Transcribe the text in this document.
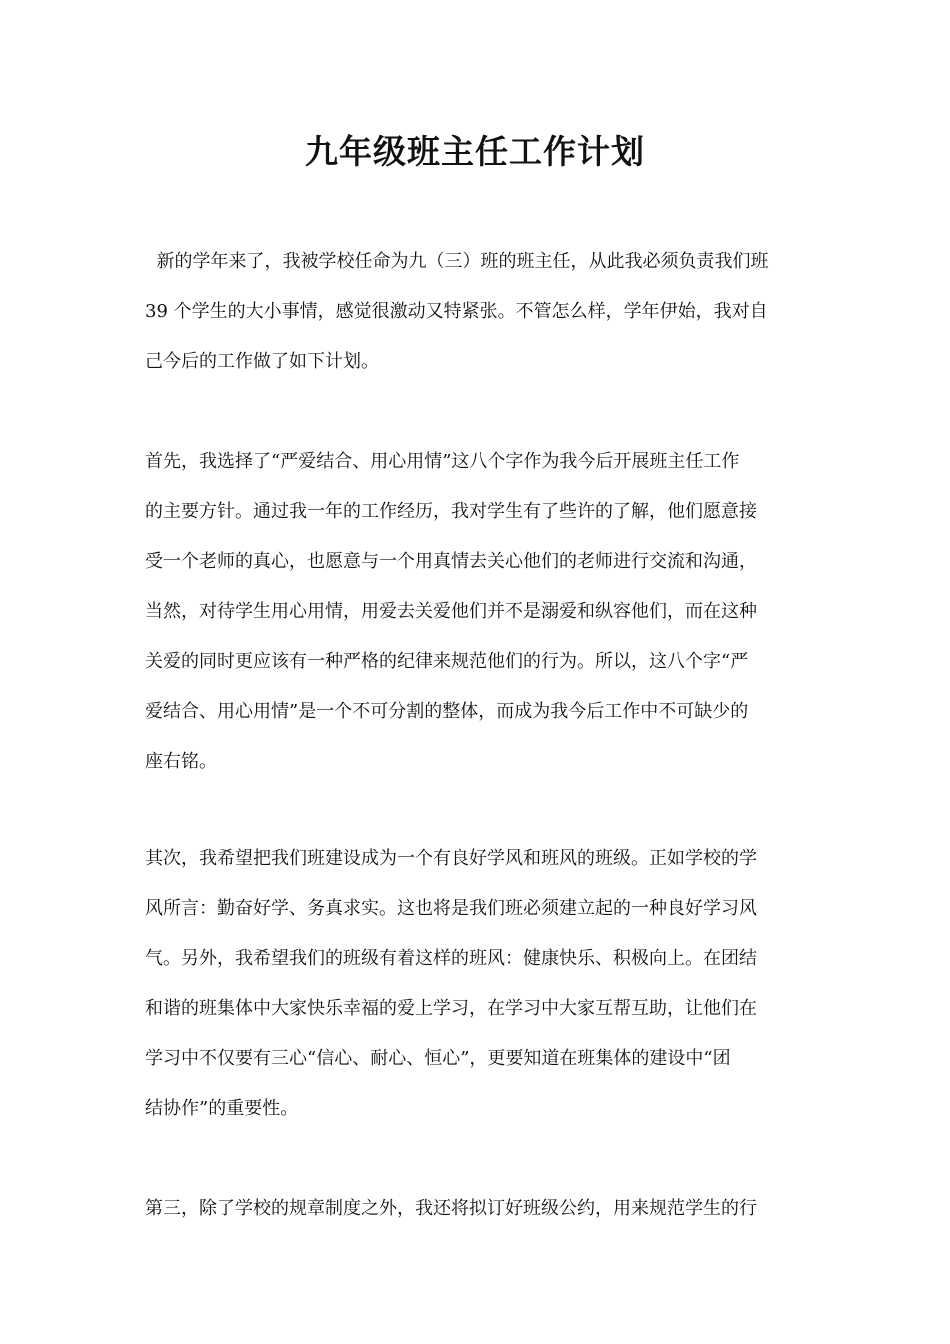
九年级班主任工作计划
新的学年来了，我被学校任命为九（三）班的班主任，从此我必须负责我们班
39 个学生的大小事情，感觉很激动又特紧张。不管怎么样，学年伊始，我对自
己今后的工作做了如下计划。
首先，我选择了“严爱结合、用心用情”这八个字作为我今后开展班主任工作
的主要方针。通过我一年的工作经历，我对学生有了些许的了解，他们愿意接
受一个老师的真心，也愿意与一个用真情去关心他们的老师进行交流和沟通，
当然，对待学生用心用情，用爱去关爱他们并不是溺爱和纵容他们，而在这种
关爱的同时更应该有一种严格的纪律来规范他们的行为。所以，这八个字“严
爱结合、用心用情”是一个不可分割的整体，而成为我今后工作中不可缺少的
座右铭。
其次，我希望把我们班建设成为一个有良好学风和班风的班级。正如学校的学
风所言：勤奋好学、务真求实。这也将是我们班必须建立起的一种良好学习风
气。另外，我希望我们的班级有着这样的班风：健康快乐、积极向上。在团结
和谐的班集体中大家快乐幸福的爱上学习，在学习中大家互帮互助，让他们在
学习中不仅要有三心“信心、耐心、恒心”，更要知道在班集体的建设中“团
结协作”的重要性。
第三，除了学校的规章制度之外，我还将拟订好班级公约，用来规范学生的行
